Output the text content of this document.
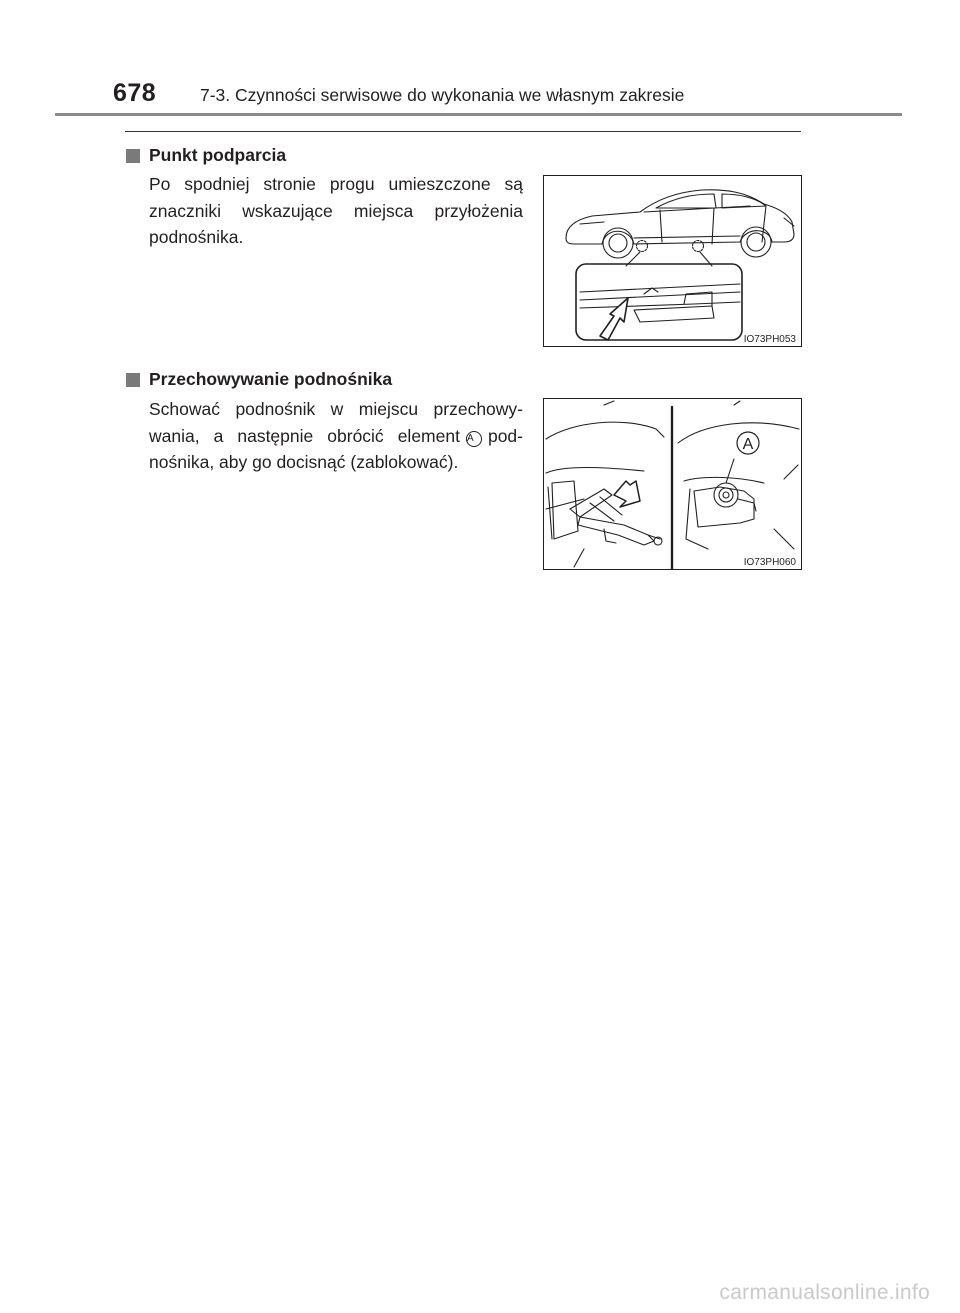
678	7-3. Czynności serwisowe do wykonania we własnym zakresie
Punkt podparcia
Po spodniej stronie progu umieszczone są
znaczniki wskazujące miejsca przyłożenia
podnośnika.
IO73PH053
Przechowywanie podnośnika
Schować podnośnik w miejscu przechowy-
wania, a następnie obrócić element A pod-
nośnika, aby go docisnąć (zablokować).
A
IO73PH060
carmanualsonline.info
